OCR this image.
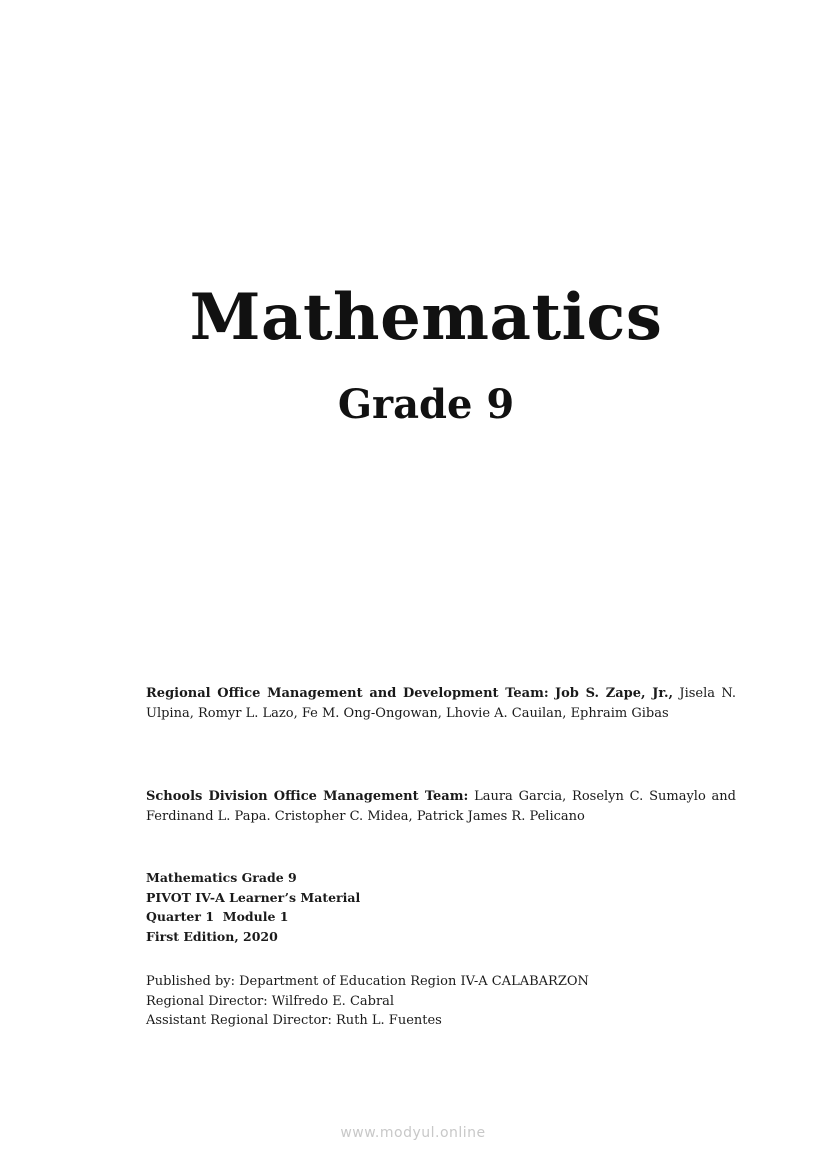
Mathematics
Grade 9
Regional Office Management and Development Team: Job S. Zape, Jr., Jisela N. Ulpina, Romyr L. Lazo, Fe M. Ong-Ongowan, Lhovie A. Cauilan, Ephraim Gibas
Schools Division Office Management Team: Laura Garcia, Roselyn C. Sumaylo and Ferdinand L. Papa. Cristopher C. Midea, Patrick James R. Pelicano
Mathematics Grade 9
PIVOT IV-A Learner’s Material
Quarter 1  Module 1
First Edition, 2020
Published by: Department of Education Region IV-A CALABARZON
Regional Director: Wilfredo E. Cabral
Assistant Regional Director: Ruth L. Fuentes
www.modyul.online
